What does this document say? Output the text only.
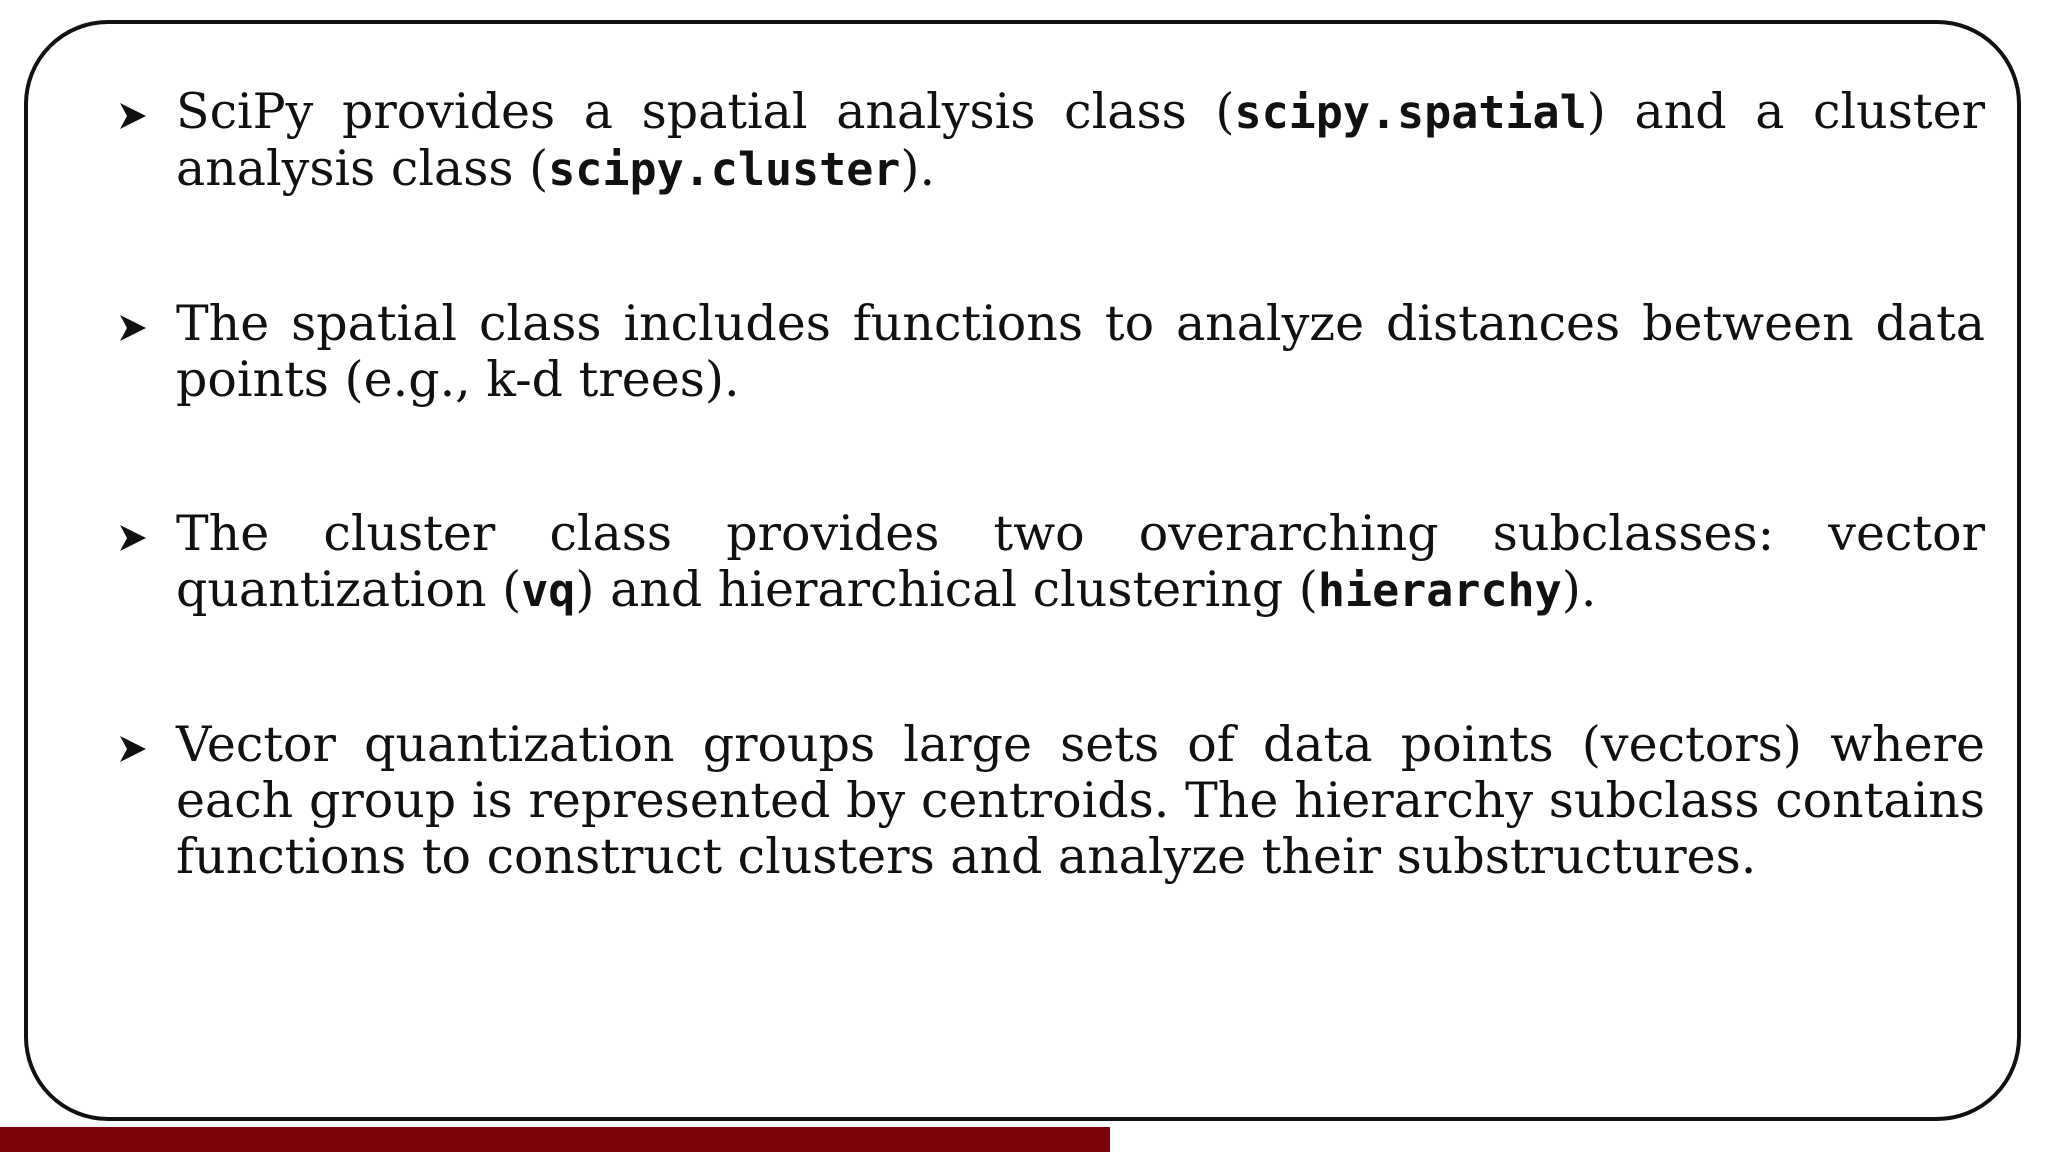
SciPy provides a spatial analysis class (scipy.spatial) and a cluster analysis class (scipy.cluster).
The spatial class includes functions to analyze distances between data points (e.g., k-d trees).
The cluster class provides two overarching subclasses: vector quantization (vq) and hierarchical clustering (hierarchy).
Vector quantization groups large sets of data points (vectors) where each group is represented by centroids. The hierarchy subclass contains functions to construct clusters and analyze their substructures.
